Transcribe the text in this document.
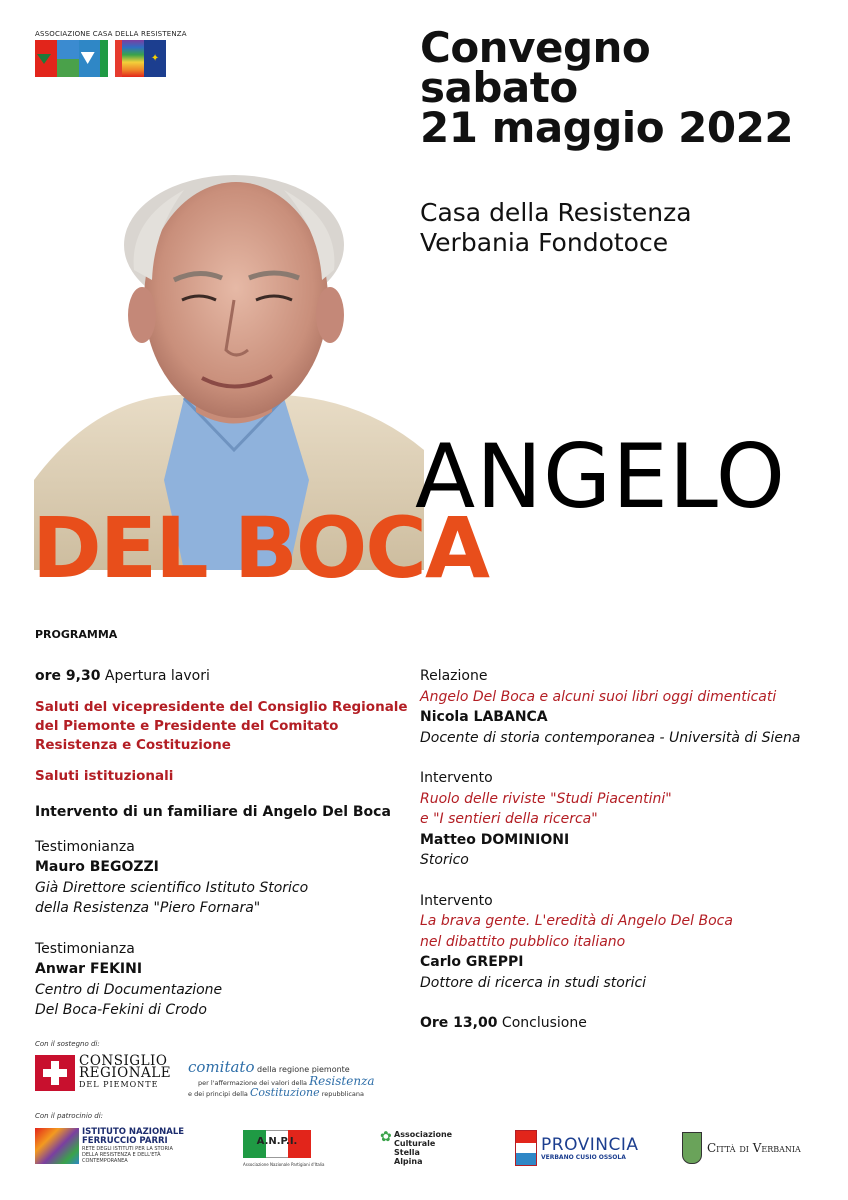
ASSOCIAZIONE CASA DELLA RESISTENZA
✦	Convegno
sabato
21 maggio 2022
Casa della Resistenza
Verbania Fondotoce
ANGELO
DEL BOCA
PROGRAMMA
ore 9,30 Apertura lavori
Saluti del vicepresidente del Consiglio Regionale del Piemonte e Presidente del Comitato Resistenza e Costituzione
Saluti istituzionali
Intervento di un familiare di Angelo Del Boca
Testimonianza
Mauro BEGOZZI
Già Direttore scientifico Istituto Storico
della Resistenza "Piero Fornara"
Testimonianza
Anwar FEKINI
Centro di Documentazione
Del Boca-Fekini di Crodo
Relazione
Angelo Del Boca e alcuni suoi libri oggi dimenticati
Nicola LABANCA
Docente di storia contemporanea - Università di Siena
Intervento
Ruolo delle riviste "Studi Piacentini"
e "I sentieri della ricerca"
Matteo DOMINIONI
Storico
Intervento
La brava gente. L'eredità di Angelo Del Boca
nel dibattito pubblico italiano
Carlo GREPPI
Dottore di ricerca in studi storici
Ore 13,00 Conclusione
Con il sostegno di:
CONSIGLIO
REGIONALE
DEL PIEMONTE
comitato della regione piemonte
per l'affermazione dei valori della Resistenza
e dei principi della Costituzione repubblicana
Con il patrocinio di:
ISTITUTO NAZIONALE
FERRUCCIO PARRI
RETE DEGLI ISTITUTI PER LA STORIA
DELLA RESISTENZA E DELL'ETÀ
CONTEMPORANEA
A.N.P.I.
Associazione Nazionale Partigiani d'Italia
✿ Associazione
Culturale
Stella
Alpina
PROVINCIA
VERBANO CUSIO OSSOLA
Città di Verbania
